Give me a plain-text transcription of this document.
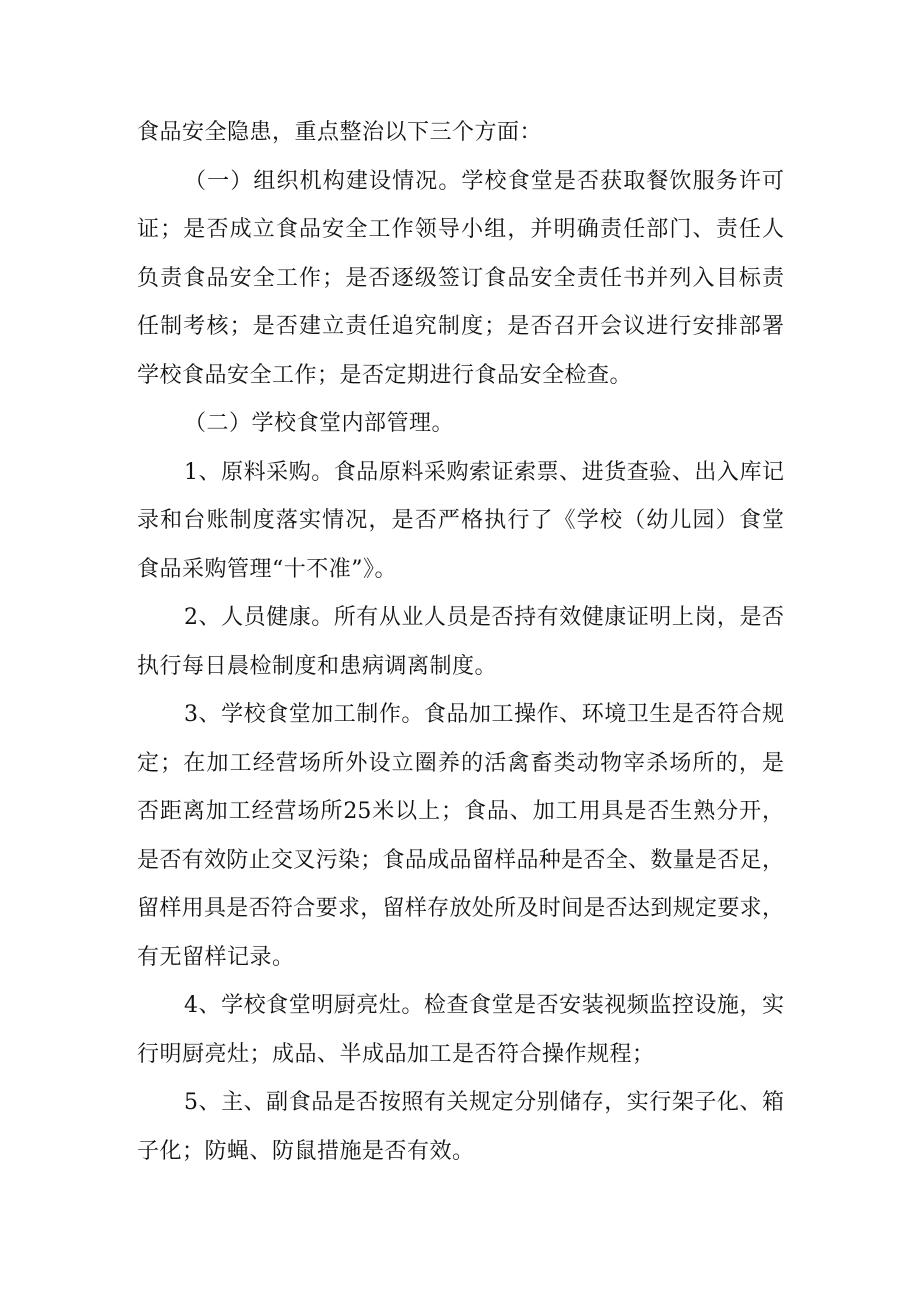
食品安全隐患，重点整治以下三个方面：
（一）组织机构建设情况。学校食堂是否获取餐饮服务许可
证；是否成立食品安全工作领导小组，并明确责任部门、责任人
负责食品安全工作；是否逐级签订食品安全责任书并列入目标责
任制考核；是否建立责任追究制度；是否召开会议进行安排部署
学校食品安全工作；是否定期进行食品安全检查。
（二）学校食堂内部管理。
1、原料采购。食品原料采购索证索票、进货查验、出入库记
录和台账制度落实情况，是否严格执行了《学校（幼儿园）食堂
食品采购管理“十不准”》。
2、人员健康。所有从业人员是否持有效健康证明上岗，是否
执行每日晨检制度和患病调离制度。
3、学校食堂加工制作。食品加工操作、环境卫生是否符合规
定；在加工经营场所外设立圈养的活禽畜类动物宰杀场所的，是
否距离加工经营场所25米以上；食品、加工用具是否生熟分开，
是否有效防止交叉污染；食品成品留样品种是否全、数量是否足，
留样用具是否符合要求，留样存放处所及时间是否达到规定要求，
有无留样记录。
4、学校食堂明厨亮灶。检查食堂是否安装视频监控设施，实
行明厨亮灶；成品、半成品加工是否符合操作规程；
5、主、副食品是否按照有关规定分别储存，实行架子化、箱
子化；防蝇、防鼠措施是否有效。
